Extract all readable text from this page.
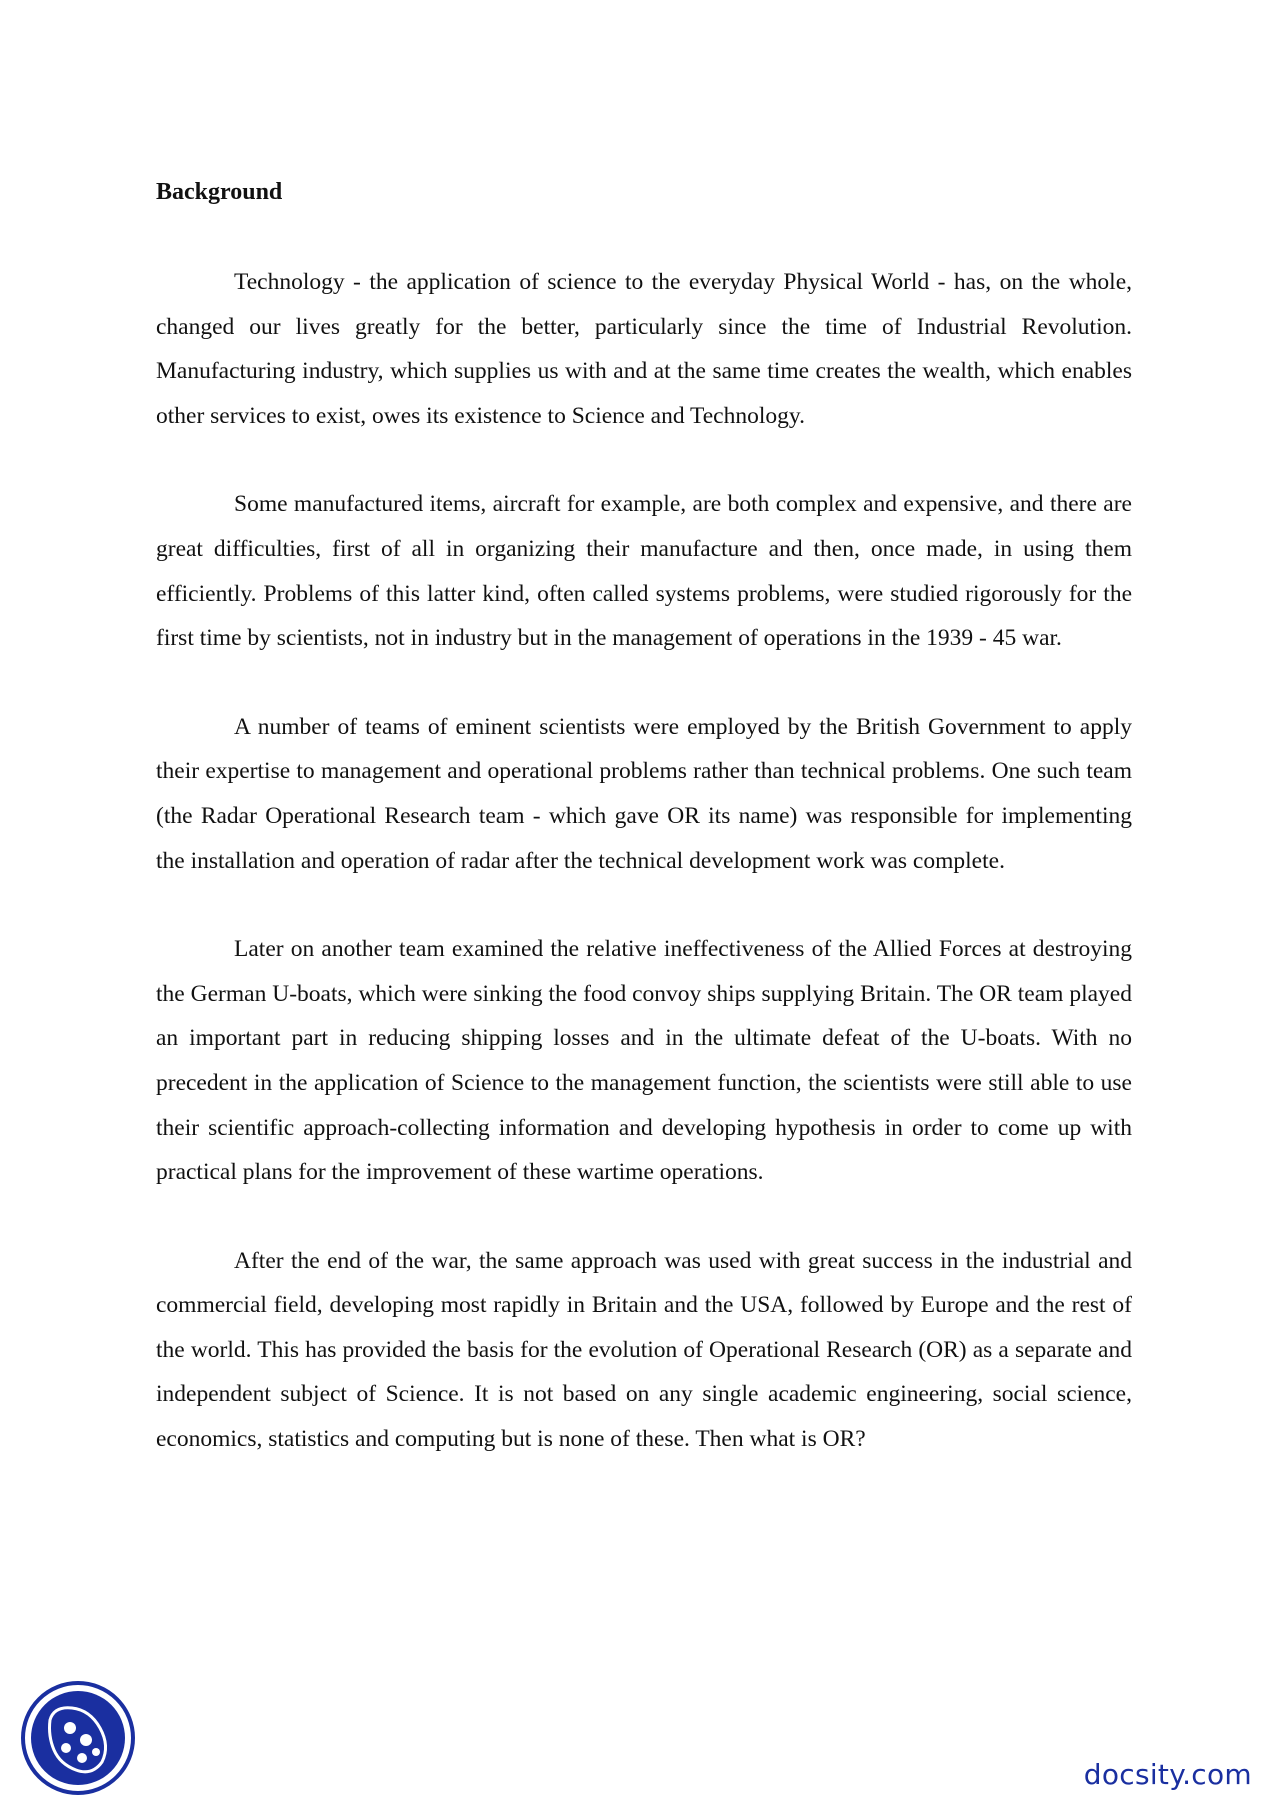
Background

Technology - the application of science to the everyday Physical World - has, on the whole, changed our lives greatly for the better, particularly since the time of Industrial Revolution. Manufacturing industry, which supplies us with and at the same time creates the wealth, which enables other services to exist, owes its existence to Science and Technology.

Some manufactured items, aircraft for example, are both complex and expensive, and there are great difficulties, first of all in organizing their manufacture and then, once made, in using them efficiently. Problems of this latter kind, often called systems problems, were studied rigorously for the first time by scientists, not in industry but in the management of operations in the 1939 - 45 war.

A number of teams of eminent scientists were employed by the British Government to apply their expertise to management and operational problems rather than technical problems. One such team (the Radar Operational Research team - which gave OR its name) was responsible for implementing the installation and operation of radar after the technical development work was complete.

Later on another team examined the relative ineffectiveness of the Allied Forces at destroying the German U-boats, which were sinking the food convoy ships supplying Britain. The OR team played an important part in reducing shipping losses and in the ultimate defeat of the U-boats. With no precedent in the application of Science to the management function, the scientists were still able to use their scientific approach-collecting information and developing hypothesis in order to come up with practical plans for the improvement of these wartime operations.

After the end of the war, the same approach was used with great success in the industrial and commercial field, developing most rapidly in Britain and the USA, followed by Europe and the rest of the world. This has provided the basis for the evolution of Operational Research (OR) as a separate and independent subject of Science. It is not based on any single academic engineering, social science, economics, statistics and computing but is none of these. Then what is OR?

docsity.com
